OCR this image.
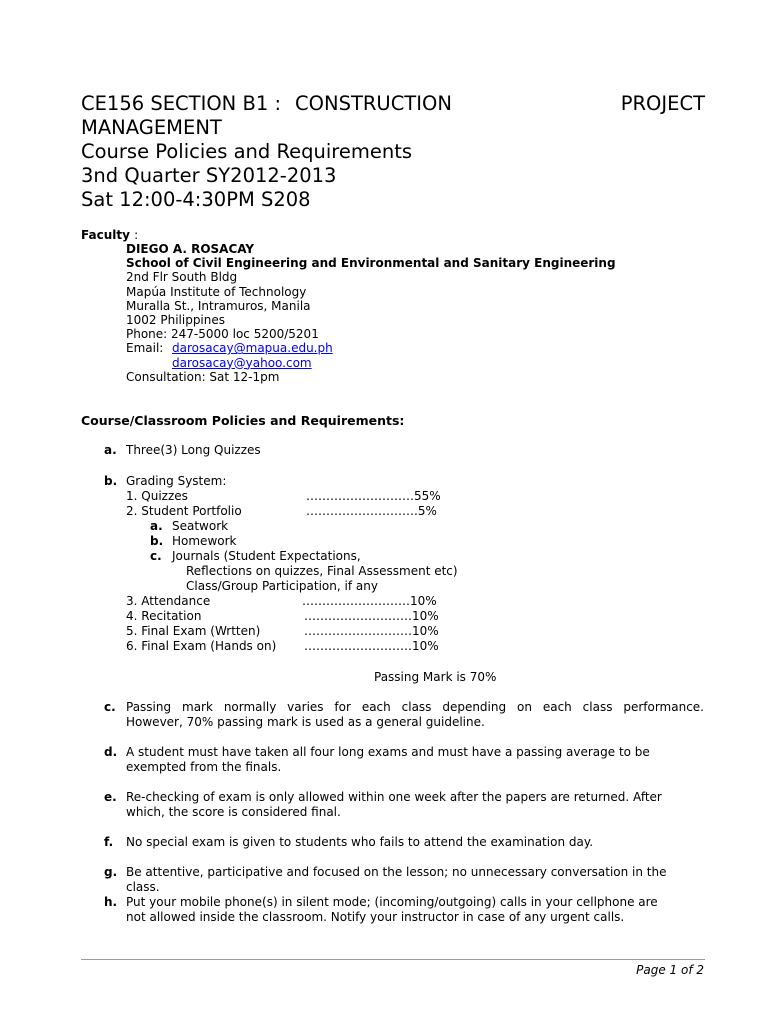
CE156 SECTION B1 : CONSTRUCTION	PROJECT
MANAGEMENT
Course Policies and Requirements
3nd Quarter SY2012-2013
Sat 12:00-4:30PM S208
Faculty :
DIEGO A. ROSACAY
School of Civil Engineering and Environmental and Sanitary Engineering
2nd Flr South Bldg
Mapúa Institute of Technology
Muralla St., Intramuros, Manila
1002 Philippines
Phone: 247-5000 loc 5200/5201
Email: darosacay@mapua.edu.ph
darosacay@yahoo.com
Consultation: Sat 12-1pm
Course/Classroom Policies and Requirements:
a. Three(3) Long Quizzes
b. Grading System:
1. Quizzes	………………………55%
2. Student Portfolio	……………………….5%
a. Seatwork
b. Homework
c. Journals (Student Expectations,
Reflections on quizzes, Final Assessment etc)
Class/Group Participation, if any
3. Attendance	………………………10%
4. Recitation	………………………10%
5. Final Exam (Wrtten)	………………………10%
6. Final Exam (Hands on) ………………………10%
Passing Mark is 70%
c. Passing mark normally varies for each class depending on each class performance.
However, 70% passing mark is used as a general guideline.
d. A student must have taken all four long exams and must have a passing average to be
exempted from the finals.
e. Re-checking of exam is only allowed within one week after the papers are returned. After
which, the score is considered final.
f. No special exam is given to students who fails to attend the examination day.
g. Be attentive, participative and focused on the lesson; no unnecessary conversation in the
class.
h. Put your mobile phone(s) in silent mode; (incoming/outgoing) calls in your cellphone are
not allowed inside the classroom. Notify your instructor in case of any urgent calls.
Page 1 of 2
